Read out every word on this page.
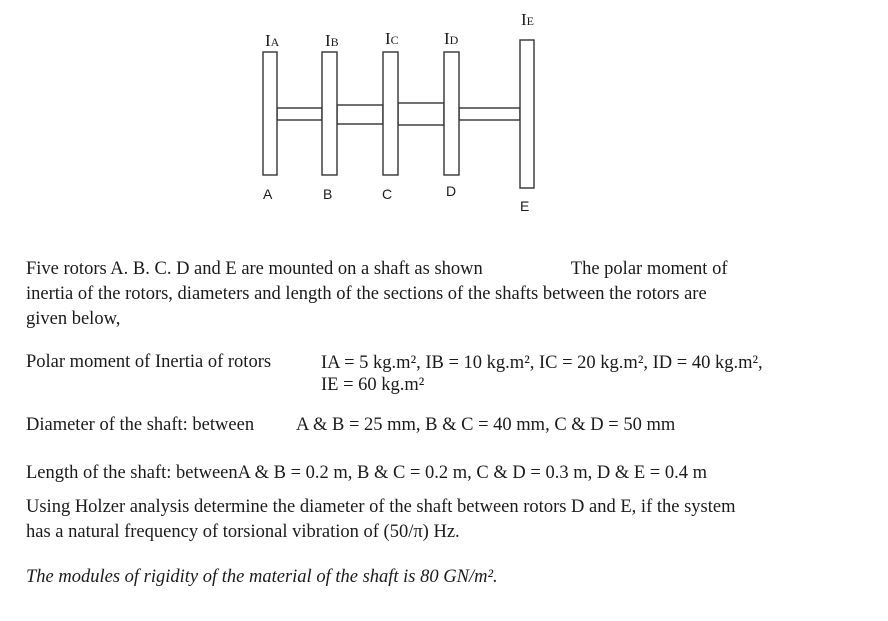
IA	IB	IC	ID
IE
A	B	C	D
E
Five rotors A. B. C. D and E are mounted on a shaft as shown	The polar moment of
inertia of the rotors, diameters and length of the sections of the shafts between the rotors are
given below,
Polar moment of Inertia of rotors	IA = 5 kg.m², IB = 10 kg.m², IC = 20 kg.m², ID = 40 kg.m²,
IE = 60 kg.m²
Diameter of the shaft: between A & B = 25 mm, B & C = 40 mm, C & D = 50 mm
Length of the shaft: betweenA & B = 0.2 m, B & C = 0.2 m, C & D = 0.3 m, D & E = 0.4 m
Using Holzer analysis determine the diameter of the shaft between rotors D and E, if the system
has a natural frequency of torsional vibration of (50/π) Hz.
The modules of rigidity of the material of the shaft is 80 GN/m².
